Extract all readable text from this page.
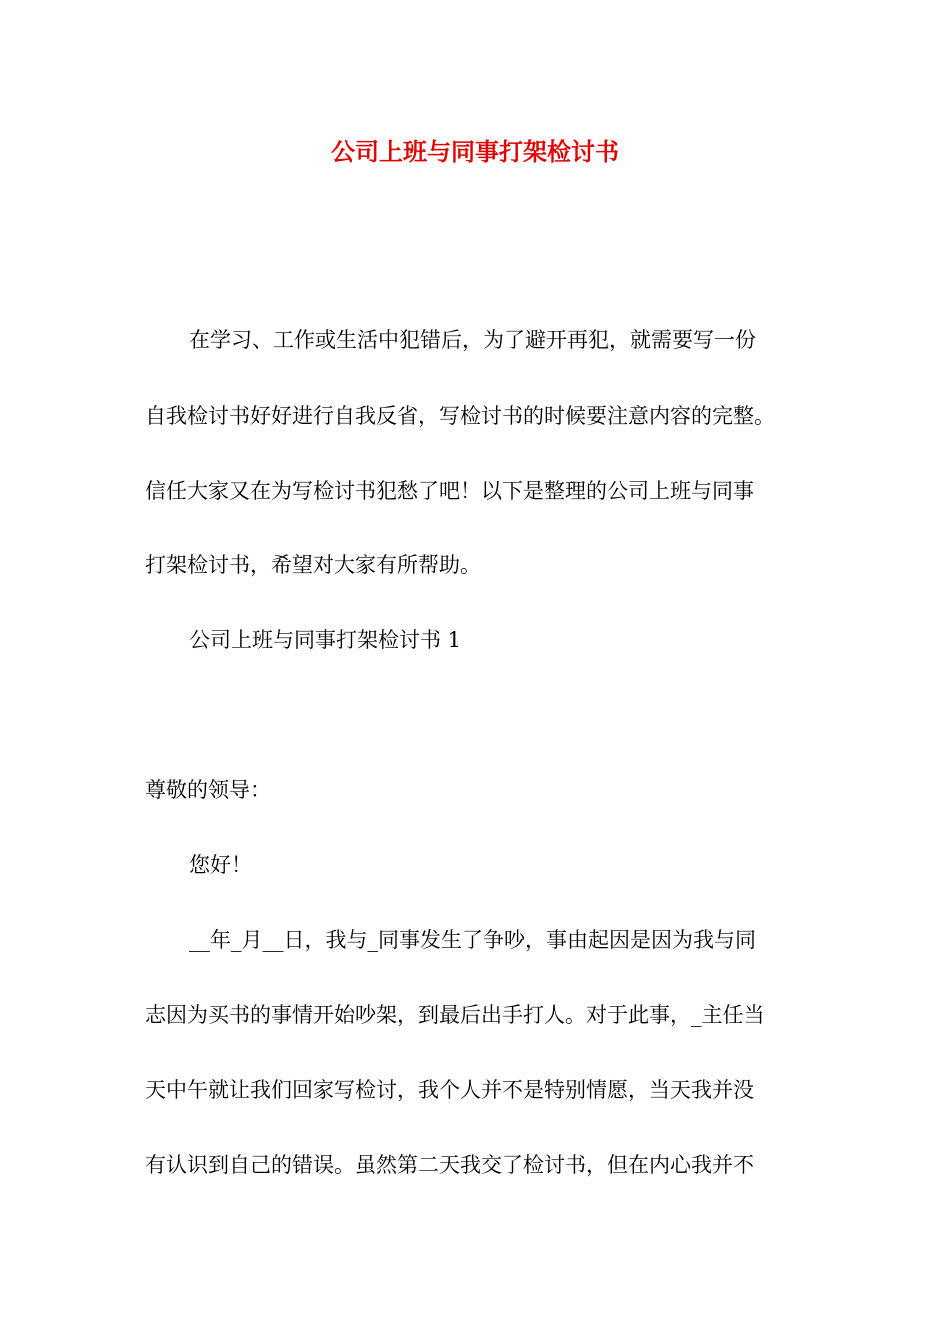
公司上班与同事打架检讨书

在学习、工作或生活中犯错后，为了避开再犯，就需要写一份

自我检讨书好好进行自我反省，写检讨书的时候要注意内容的完整。

信任大家又在为写检讨书犯愁了吧！以下是整理的公司上班与同事

打架检讨书，希望对大家有所帮助。

公司上班与同事打架检讨书 1

尊敬的领导：

您好！

__年_月__日，我与_同事发生了争吵，事由起因是因为我与同

志因为买书的事情开始吵架，到最后出手打人。对于此事，_主任当

天中午就让我们回家写检讨，我个人并不是特别情愿，当天我并没

有认识到自己的错误。虽然第二天我交了检讨书，但在内心我并不
